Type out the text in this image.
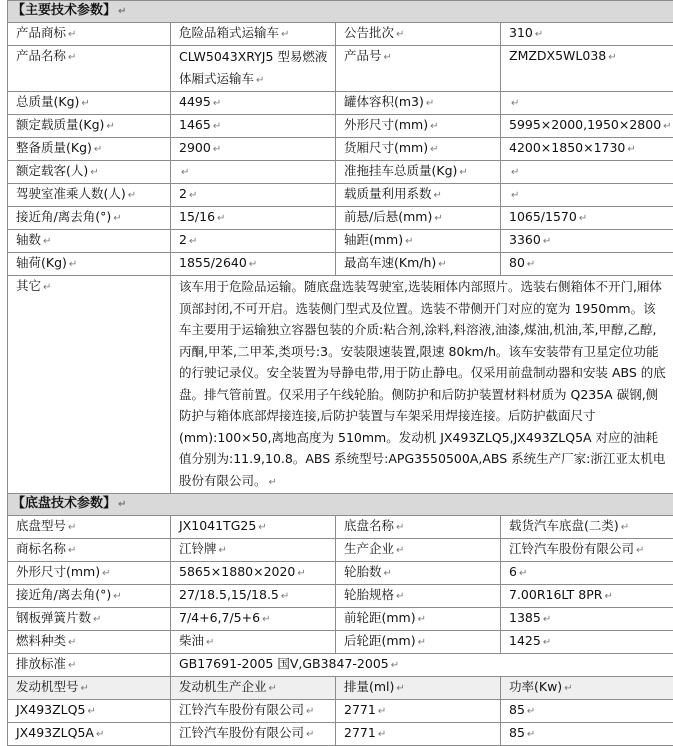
【主要技术参数】 ↵			
产品商标 ↵	危险品箱式运输车 ↵	公告批次 ↵	310 ↵
产品名称 ↵	CLW5043XRYJ5 型易燃液体厢式运输车 ↵	产品号 ↵	ZMZDX5WL038 ↵
总质量(Kg) ↵	4495 ↵	罐体容积(m3) ↵	↵
额定载质量(Kg) ↵	1465 ↵	外形尺寸(mm) ↵	5995×2000,1950×2800 ↵
整备质量(Kg) ↵	2900 ↵	货厢尺寸(mm) ↵	4200×1850×1730 ↵
额定载客(人) ↵	↵	准拖挂车总质量(Kg) ↵	↵
驾驶室准乘人数(人) ↵	2 ↵	载质量利用系数 ↵	↵
接近角/离去角(°) ↵	15/16 ↵	前悬/后悬(mm) ↵	1065/1570 ↵
轴数 ↵	2 ↵	轴距(mm) ↵	3360 ↵
轴荷(Kg) ↵	1855/2640 ↵	最高车速(Km/h) ↵	80 ↵
其它 ↵	该车用于危险品运输。随底盘选装驾驶室,选装厢体内部照片。选装右侧箱体不开门,厢体顶部封闭,不可开启。选装侧门型式及位置。选装不带侧开门对应的宽为 1950mm。该车主要用于运输独立容器包装的介质:粘合剂,涂料,料溶液,油漆,煤油,机油,苯,甲醇,乙醇,丙酮,甲苯,二甲苯,类项号:3。安装限速装置,限速 80km/h。该车安装带有卫星定位功能的行驶记录仪。安全装置为导静电带,用于防止静电。仅采用前盘制动器和安装 ABS 的底盘。排气管前置。仅采用子午线轮胎。侧防护和后防护装置材料材质为 Q235A 碳钢,侧防护与箱体底部焊接连接,后防护装置与车架采用焊接连接。后防护截面尺寸(mm):100×50,离地高度为 510mm。发动机 JX493ZLQ5,JX493ZLQ5A 对应的油耗值分别为:11.9,10.8。ABS 系统型号:APG3550500A,ABS 系统生产厂家:浙江亚太机电股份有限公司。 ↵		
【底盘技术参数】 ↵			
底盘型号 ↵	JX1041TG25 ↵	底盘名称 ↵	载货汽车底盘(二类) ↵
商标名称 ↵	江铃牌 ↵	生产企业 ↵	江铃汽车股份有限公司 ↵
外形尺寸(mm) ↵	5865×1880×2020 ↵	轮胎数 ↵	6 ↵
接近角/离去角(°) ↵	27/18.5,15/18.5 ↵	轮胎规格 ↵	7.00R16LT 8PR ↵
钢板弹簧片数 ↵	7/4+6,7/5+6 ↵	前轮距(mm) ↵	1385 ↵
燃料种类 ↵	柴油 ↵	后轮距(mm) ↵	1425 ↵
排放标准 ↵	GB17691-2005 国Ⅴ,GB3847-2005 ↵		
发动机型号 ↵	发动机生产企业 ↵	排量(ml) ↵	功率(Kw) ↵
JX493ZLQ5 ↵	江铃汽车股份有限公司 ↵	2771 ↵	85 ↵
JX493ZLQ5A ↵	江铃汽车股份有限公司 ↵	2771 ↵	85 ↵
